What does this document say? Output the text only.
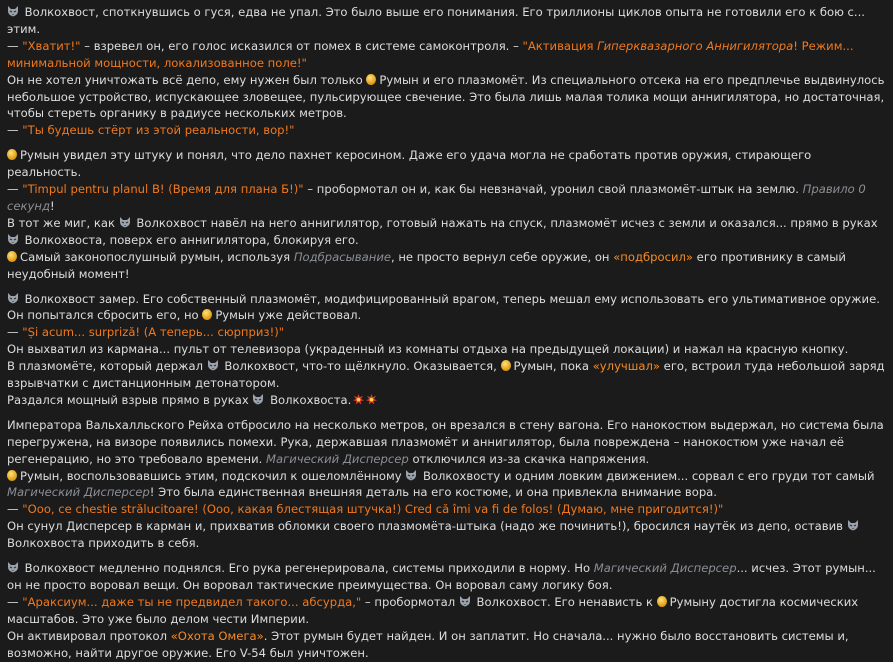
Волкохвост, споткнувшись о гуся, едва не упал. Это было выше его понимания. Его триллионы циклов опыта не готовили его к бою с... этим.

— "Хватит!" – взревел он, его голос исказился от помех в системе самоконтроля. – "Активация Гиперквазарного Аннигилятора! Режим... минимальной мощности, локализованное поле!"

Он не хотел уничтожать всё депо, ему нужен был только Румын и его плазмомёт. Из специального отсека на его предплечье выдвинулось небольшое устройство, испускающее зловещее, пульсирующее свечение. Это была лишь малая толика мощи аннигилятора, но достаточная, чтобы стереть органику в радиусе нескольких метров.

— "Ты будешь стёрт из этой реальности, вор!"

Румын увидел эту штуку и понял, что дело пахнет керосином. Даже его удача могла не сработать против оружия, стирающего реальность.

— "Timpul pentru planul B! (Время для плана Б!)" – пробормотал он и, как бы невзначай, уронил свой плазмомёт-штык на землю. Правило 0 секунд!

В тот же миг, как  Волкохвост навёл на него аннигилятор, готовый нажать на спуск, плазмомёт исчез с земли и оказался... прямо в руках  Волкохвоста, поверх его аннигилятора, блокируя его.

Самый законопослушный румын, используя Подбрасывание, не просто вернул себе оружие, он «подбросил» его противнику в самый неудобный момент!

Волкохвост замер. Его собственный плазмомёт, модифицированный врагом, теперь мешал ему использовать его ультимативное оружие. Он попытался сбросить его, но Румын уже действовал.

— "Și acum... surpriză! (А теперь... сюрприз!)"

Он выхватил из кармана... пульт от телевизора (украденный из комнаты отдыха на предыдущей локации) и нажал на красную кнопку.

В плазмомёте, который держал  Волкохвост, что-то щёлкнуло. Оказывается, Румын, пока «улучшал» его, встроил туда небольшой заряд взрывчатки с дистанционным детонатором.

Раздался мощный взрыв прямо в руках  Волкохвоста.

Императора Вальхалльского Рейха отбросило на несколько метров, он врезался в стену вагона. Его нанокостюм выдержал, но система была перегружена, на визоре появились помехи. Рука, державшая плазмомёт и аннигилятор, была повреждена – нанокостюм уже начал её регенерацию, но это требовало времени. Магический Дисперсер отключился из-за скачка напряжения.

Румын, воспользовавшись этим, подскочил к ошеломлённому  Волкохвосту и одним ловким движением... сорвал с его груди тот самый Магический Дисперсер! Это была единственная внешняя деталь на его костюме, и она привлекла внимание вора.

— "Ooo, ce chestie strălucitoare! (Ооо, какая блестящая штучка!) Cred că îmi va fi de folos! (Думаю, мне пригодится!)"

Он сунул Дисперсер в карман и, прихватив обломки своего плазмомёта-штыка (надо же починить!), бросился наутёк из депо, оставив  Волкохвоста приходить в себя.

Волкохвост медленно поднялся. Его рука регенерировала, системы приходили в норму. Но Магический Дисперсер... исчез. Этот румын... он не просто воровал вещи. Он воровал тактические преимущества. Он воровал саму логику боя.

— "Араксиум... даже ты не предвидел такого... абсурда," – пробормотал  Волкохвост. Его ненависть к Румыну достигла космических масштабов. Это уже было делом чести Империи.

Он активировал протокол «Охота Омега». Этот румын будет найден. И он заплатит. Но сначала... нужно было восстановить системы и, возможно, найти другое оружие. Его V-54 был уничтожен.
